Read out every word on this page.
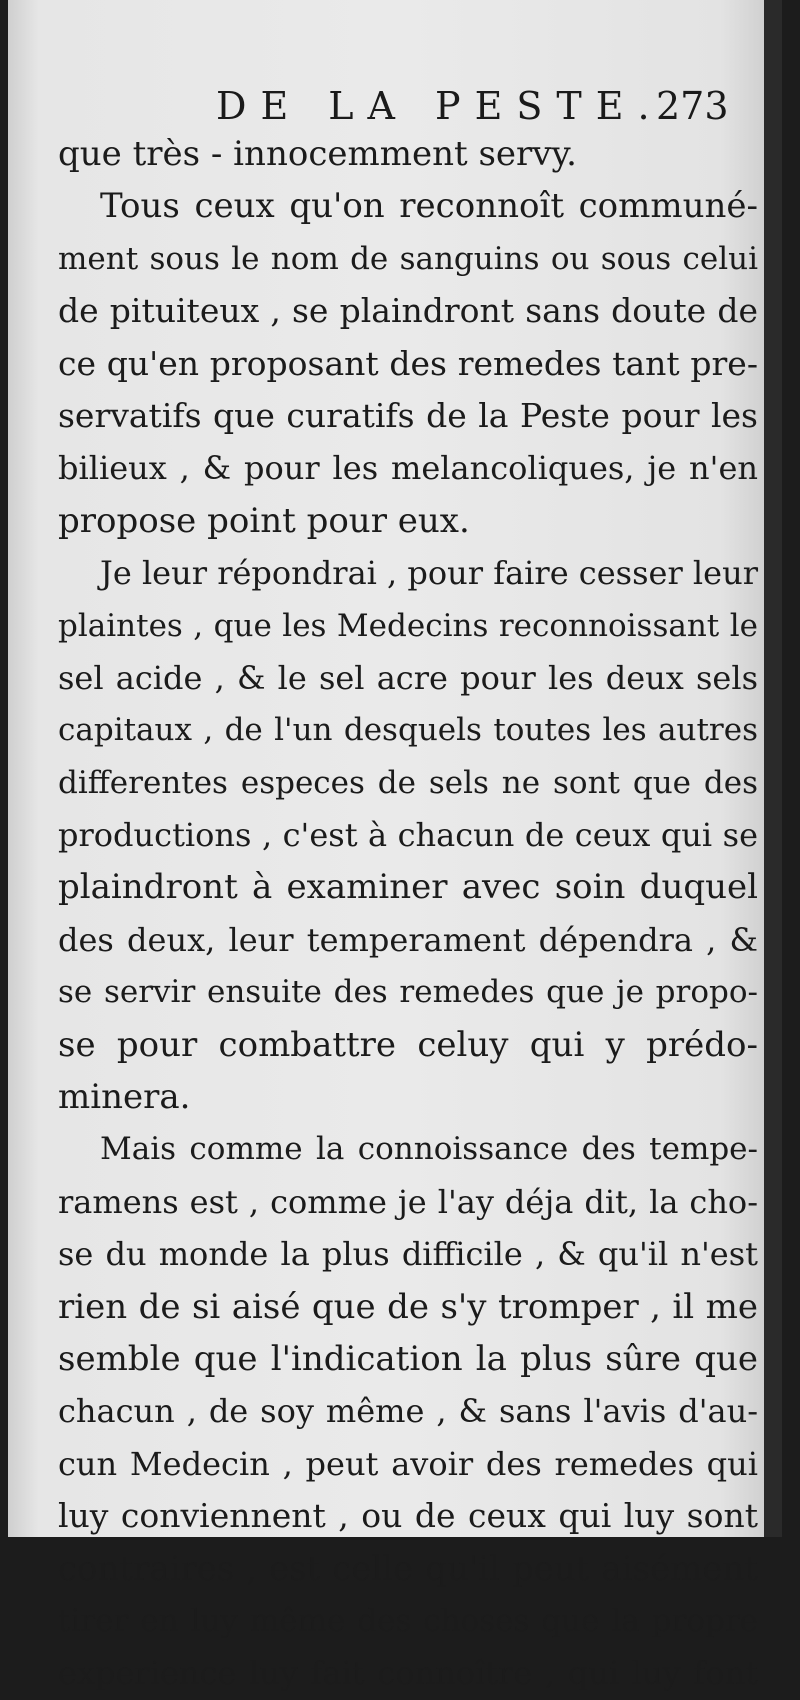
DE LA PESTE.
273
que très - innocemment servy.
Tous ceux qu'on reconnoît communé-
ment sous le nom de sanguins ou sous celui
de pituiteux , se plaindront sans doute de
ce qu'en proposant des remedes tant pre-
servatifs que curatifs de la Peste pour les
bilieux , & pour les melancoliques, je n'en
propose point pour eux.
Je leur répondrai , pour faire cesser leur
plaintes , que les Medecins reconnoissant le
sel acide , & le sel acre pour les deux sels
capitaux , de l'un desquels toutes les autres
differentes especes de sels ne sont que des
productions , c'est à chacun de ceux qui se
plaindront à examiner avec soin duquel
des deux, leur temperament dépendra , &
se servir ensuite des remedes que je propo-
se pour combattre celuy qui y prédo-
minera.
Mais comme la connoissance des tempe-
ramens est , comme je l'ay déja dit, la cho-
se du monde la plus difficile , & qu'il n'est
rien de si aisé que de s'y tromper , il me
semble que l'indication la plus sûre que
chacun , de soy même , & sans l'avis d'au-
cun Medecin , peut avoir des remedes qui
luy conviennent , ou de ceux qui luy sont
contraires , est celle qu'il peut aisément
tirer en luy même des choses que la propre
experience luy fait connoître , qui luy font
